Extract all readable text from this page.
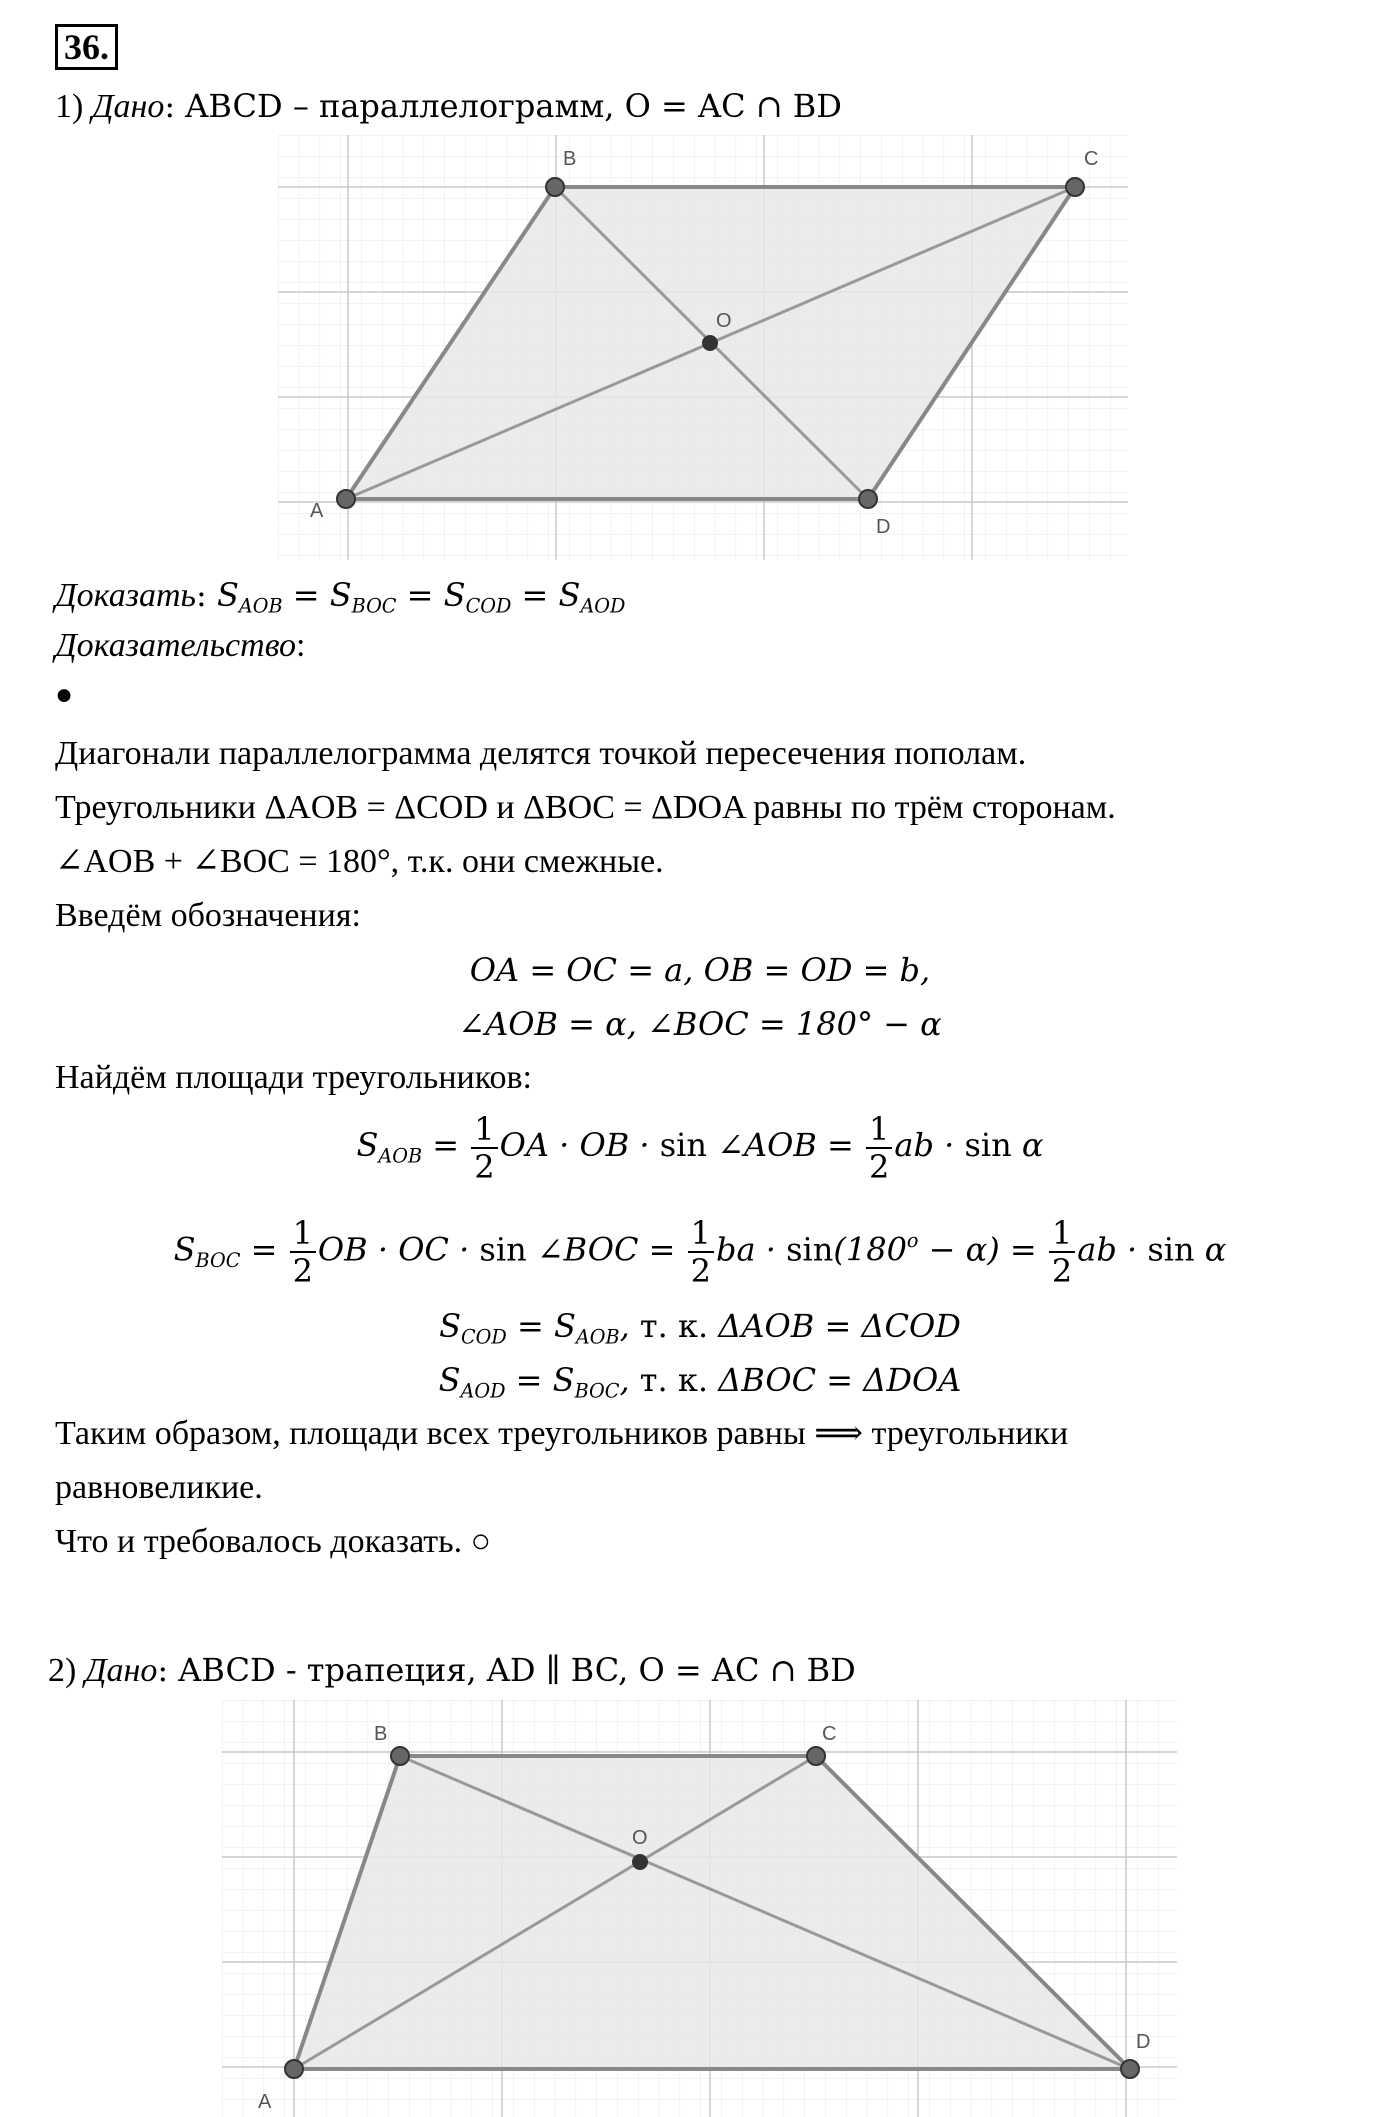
36.
1) Дано: ABCD – параллелограмм, O = AC ∩ BD
A
B	C
D
O
Доказать: $S_{AOB} = S_{BOC} = S_{COD} = S_{AOD}$
Доказательство:
●
Диагонали параллелограмма делятся точкой пересечения пополам.
Треугольники ΔAOB = ΔCOD и ΔBOC = ΔDOA равны по трём сторонам.
∠AOB + ∠BOC = 180°, т.к. они смежные.
Введём обозначения:
OA = OC = a, OB = OD = b,
∠AOB = α, ∠BOC = 180° − α
Найдём площади треугольников:
$S_{AOB} = \frac{1}{2}$ OA · OB · sin ∠AOB = $\frac{1}{2}$ ab · sin α
$S_{BOC} = \frac{1}{2}$ OB · OC · sin ∠BOC = $\frac{1}{2}$ ba · $\sin(180^o - \alpha) = \frac{1}{2}$ ab · sin α
$S_{COD} = S_{AOB}$, т. к. ΔAOB = ΔCOD
$S_{AOD} = S_{BOC}$, т. к. ΔBOC = ΔDOA
Таким образом, площади всех треугольников равны ⟹ треугольники
равновеликие.
Что и требовалось доказать. ○
2) Дано: ABCD - трапеция, AD ∥ BC, O = AC ∩ BD
A
B	C
D
O
